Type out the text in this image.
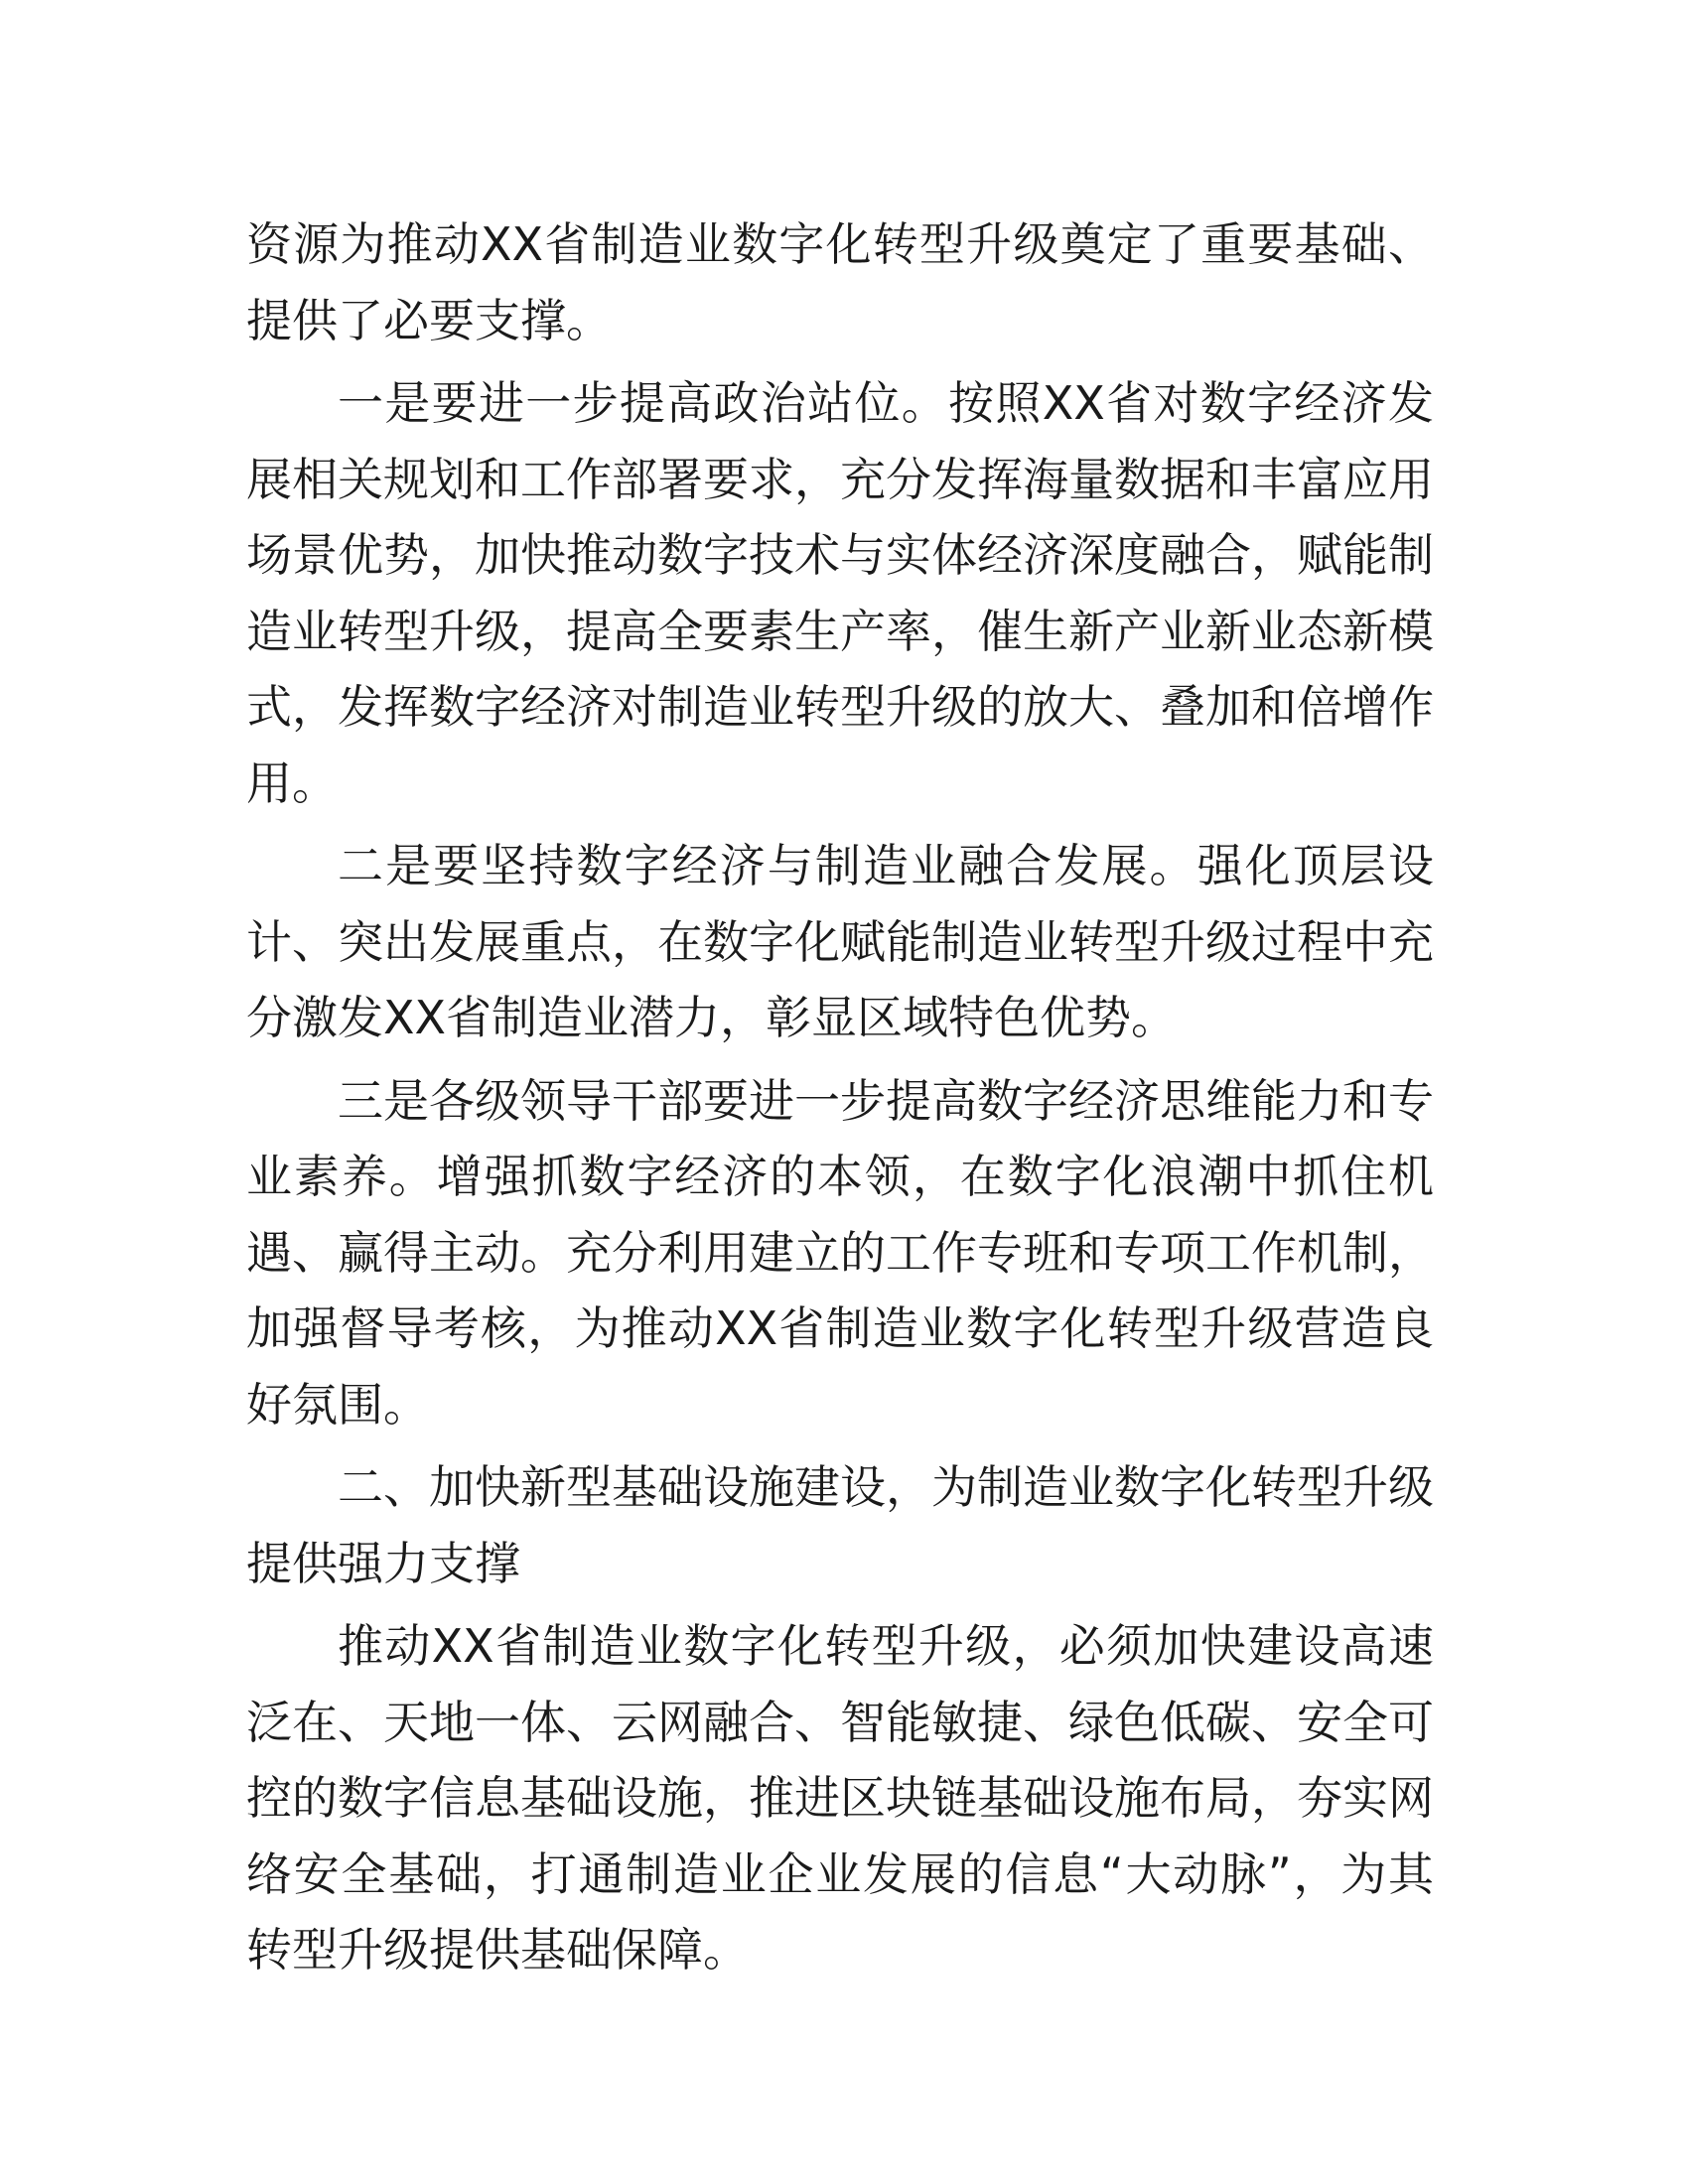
资源为推动XX省制造业数字化转型升级奠定了重要基础、提供了必要支撑。

一是要进一步提高政治站位。按照XX省对数字经济发展相关规划和工作部署要求，充分发挥海量数据和丰富应用场景优势，加快推动数字技术与实体经济深度融合，赋能制造业转型升级，提高全要素生产率，催生新产业新业态新模式，发挥数字经济对制造业转型升级的放大、叠加和倍增作用。

二是要坚持数字经济与制造业融合发展。强化顶层设计、突出发展重点，在数字化赋能制造业转型升级过程中充分激发XX省制造业潜力，彰显区域特色优势。

三是各级领导干部要进一步提高数字经济思维能力和专业素养。增强抓数字经济的本领，在数字化浪潮中抓住机遇、赢得主动。充分利用建立的工作专班和专项工作机制，加强督导考核，为推动XX省制造业数字化转型升级营造良好氛围。

二、加快新型基础设施建设，为制造业数字化转型升级提供强力支撑

推动XX省制造业数字化转型升级，必须加快建设高速泛在、天地一体、云网融合、智能敏捷、绿色低碳、安全可控的数字信息基础设施，推进区块链基础设施布局，夯实网络安全基础，打通制造业企业发展的信息“大动脉”，为其转型升级提供基础保障。
